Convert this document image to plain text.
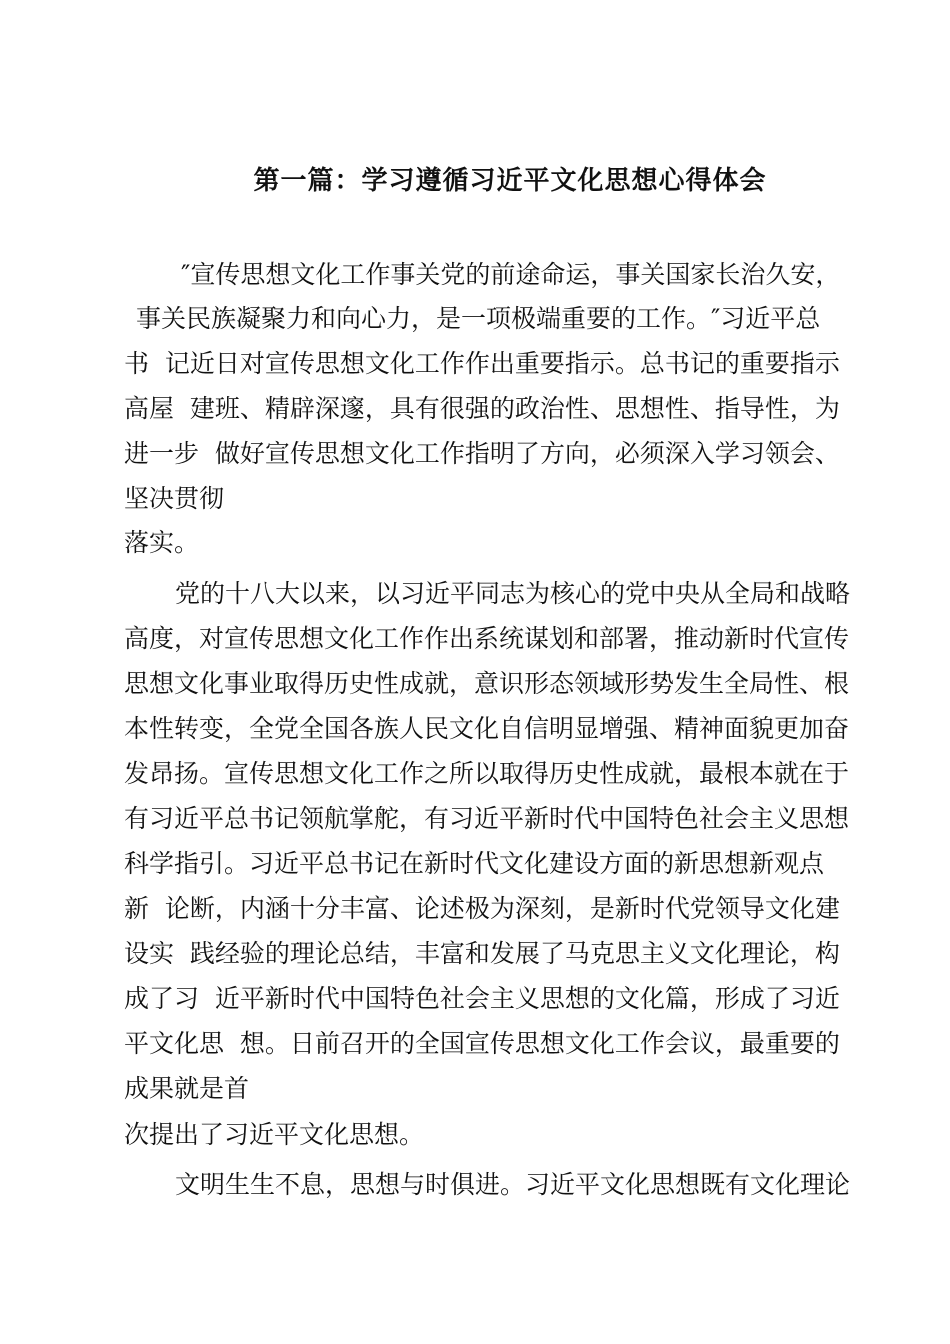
第一篇：学习遵循习近平文化思想心得体会
″宣传思想文化工作事关党的前途命运，事关国家长治久安，
事关民族凝聚力和向心力，是一项极端重要的工作。″习近平总
书  记近日对宣传思想文化工作作出重要指示。总书记的重要指示
高屋  建班、精辟深邃，具有很强的政治性、思想性、指导性，为
进一步  做好宣传思想文化工作指明了方向，必须深入学习领会、
坚决贯彻
落实。
党的十八大以来，以习近平同志为核心的党中央从全局和战略
高度，对宣传思想文化工作作出系统谋划和部署，推动新时代宣传
思想文化事业取得历史性成就，意识形态领域形势发生全局性、根
本性转变，全党全国各族人民文化自信明显增强、精神面貌更加奋
发昂扬。宣传思想文化工作之所以取得历史性成就，最根本就在于
有习近平总书记领航掌舵，有习近平新时代中国特色社会主义思想
科学指引。习近平总书记在新时代文化建设方面的新思想新观点
新  论断，内涵十分丰富、论述极为深刻，是新时代党领导文化建
设实  践经验的理论总结，丰富和发展了马克思主义文化理论，构
成了习  近平新时代中国特色社会主义思想的文化篇，形成了习近
平文化思  想。日前召开的全国宣传思想文化工作会议，最重要的
成果就是首
次提出了习近平文化思想。
文明生生不息，思想与时俱进。习近平文化思想既有文化理论
